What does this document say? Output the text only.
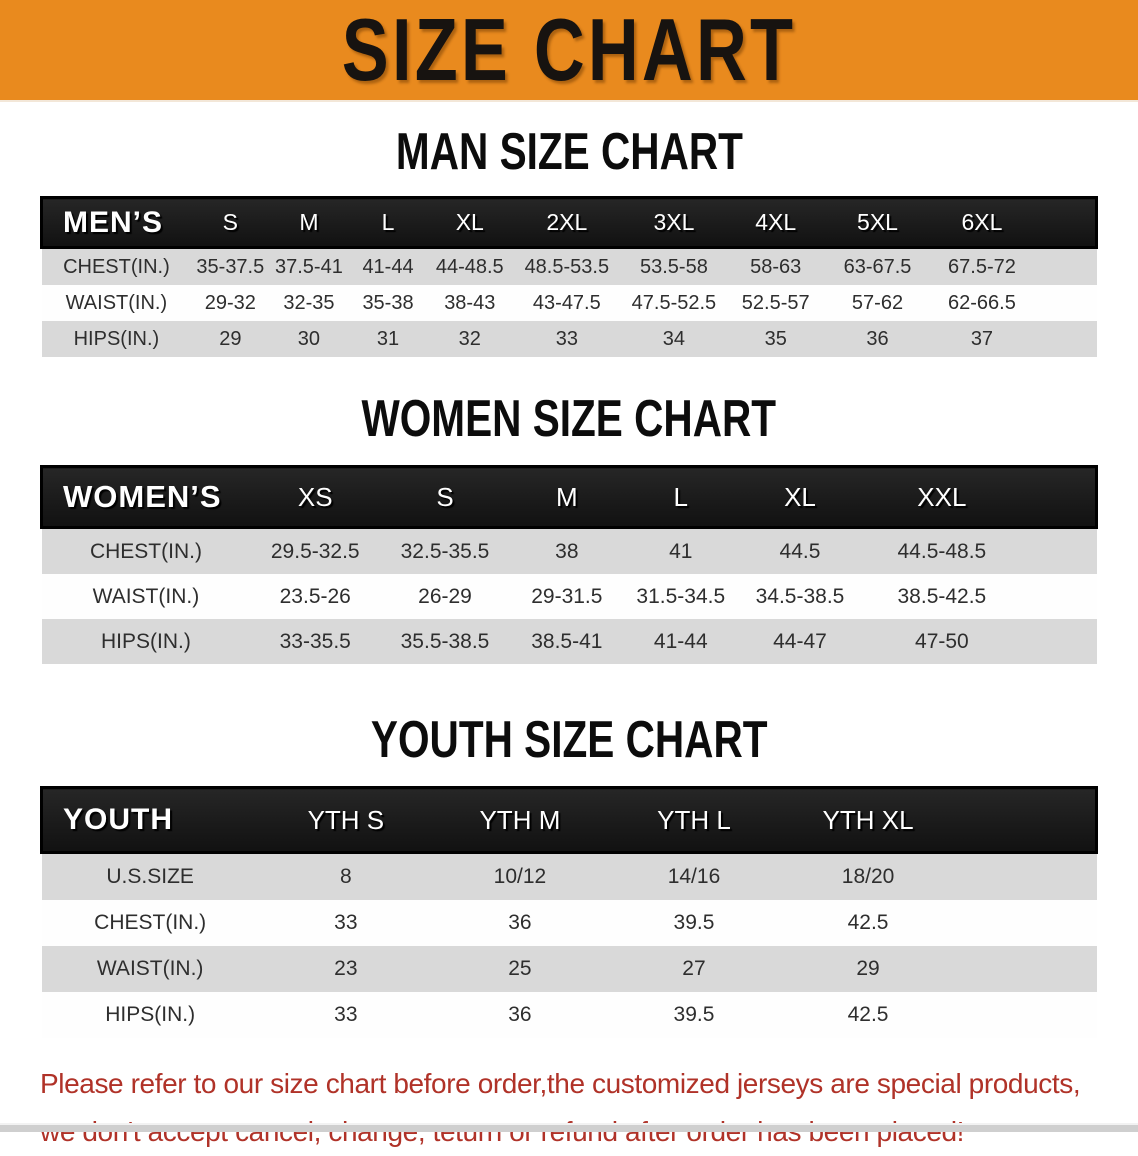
SIZE CHART
MAN SIZE CHART
MEN’S	S	M	L	XL	2XL	3XL	4XL	5XL	6XL	
CHEST(IN.)	35-37.5	37.5-41	41-44	44-48.5	48.5-53.5	53.5-58	58-63	63-67.5	67.5-72	
WAIST(IN.)	29-32	32-35	35-38	38-43	43-47.5	47.5-52.5	52.5-57	57-62	62-66.5	
HIPS(IN.)	29	30	31	32	33	34	35	36	37	
WOMEN SIZE CHART
WOMEN’S	XS	S	M	L	XL	XXL	
CHEST(IN.)	29.5-32.5	32.5-35.5	38	41	44.5	44.5-48.5	
WAIST(IN.)	23.5-26	26-29	29-31.5	31.5-34.5	34.5-38.5	38.5-42.5	
HIPS(IN.)	33-35.5	35.5-38.5	38.5-41	41-44	44-47	47-50	
YOUTH SIZE CHART
YOUTH	YTH S	YTH M	YTH L	YTH XL	
U.S.SIZE	8	10/12	14/16	18/20	
CHEST(IN.)	33	36	39.5	42.5	
WAIST(IN.)	23	25	27	29	
HIPS(IN.)	33	36	39.5	42.5	

Please refer to our size chart before order,the customized jerseys are special products,
